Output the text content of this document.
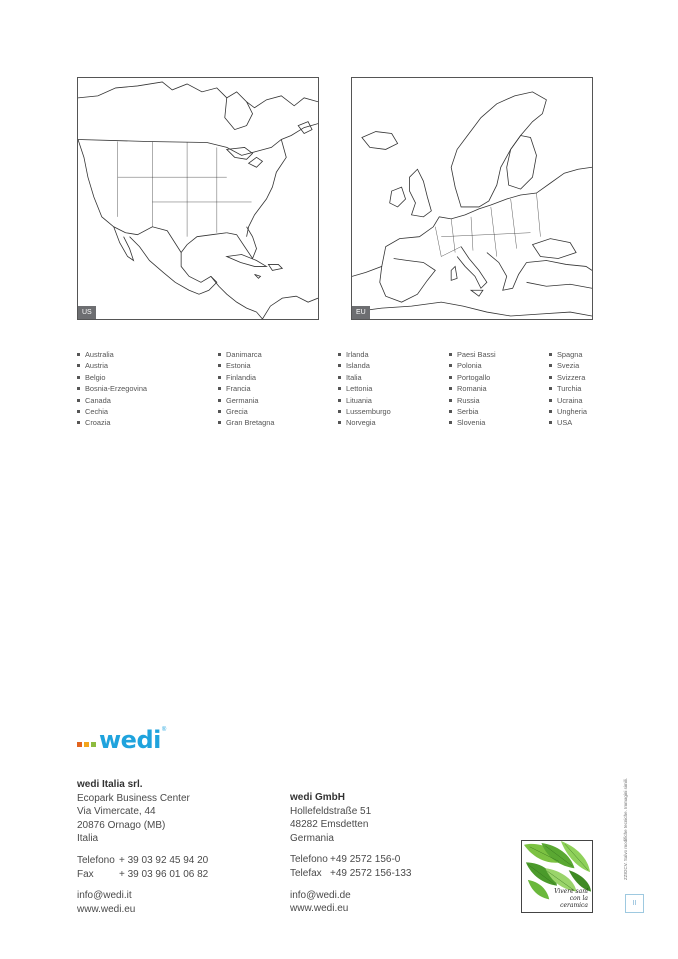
US	EU
Australia
Austria
Belgio
Bosnia-Erzegovina
Canada
Cechia
Croazia
Danimarca
Estonia
Finlandia
Francia
Germania
Grecia
Gran Bretagna
Irlanda
Islanda
Italia
Lettonia
Lituania
Lussemburgo
Norvegia
Paesi Bassi
Polonia
Portogallo
Romania
Russia
Serbia
Slovenia
Spagna
Svezia
Svizzera
Turchia
Ucraina
Ungheria
USA
wedi ®
wedi Italia srl.
Ecopark Business Center
Via Vimercate, 44
20876 Ornago (MB)
Italia
Telefono + 39 03 92 45 94 20
Fax	+ 39 03 96 01 06 82
info@wedi.it
www.wedi.eu
wedi GmbH
Hollefeldstraße 51
48282 Emsdetten
Germania
Telefono +49 2572 156-0
Telefax +49 2572 156-133
info@wedi.de
www.wedi.eu
Vivere sani
con la
ceramica
ZZ82CV. Salvo modifiche tecniche. Immagini simili.
II
